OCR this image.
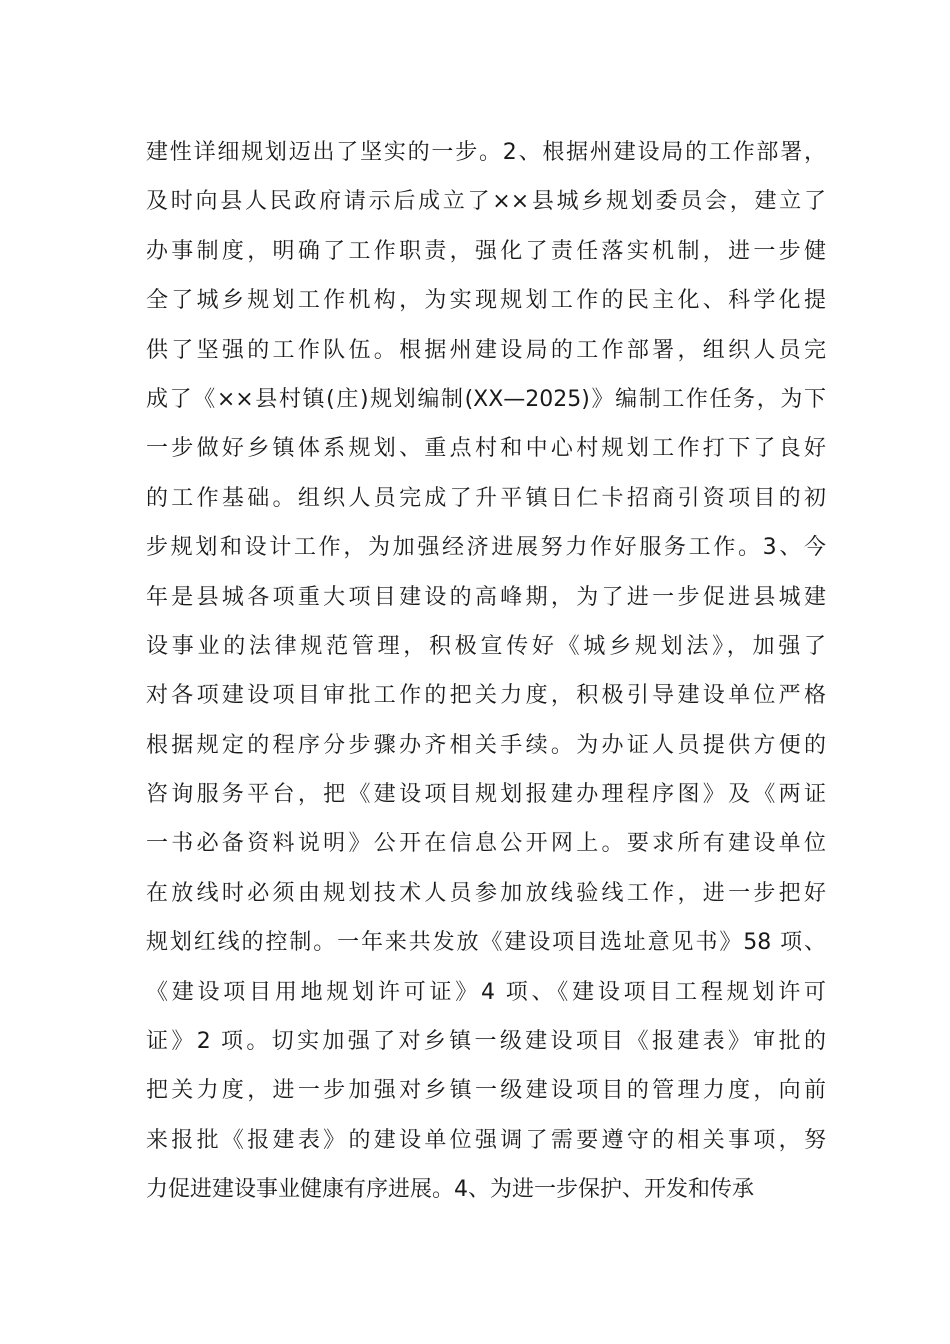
建性详细规划迈出了坚实的一步。2、根据州建设局的工作部署，
及时向县人民政府请示后成立了××县城乡规划委员会，建立了
办事制度，明确了工作职责，强化了责任落实机制，进一步健
全了城乡规划工作机构，为实现规划工作的民主化、科学化提
供了坚强的工作队伍。根据州建设局的工作部署，组织人员完
成了《××县村镇(庄)规划编制(XX—2025)》编制工作任务，为下
一步做好乡镇体系规划、重点村和中心村规划工作打下了良好
的工作基础。组织人员完成了升平镇日仁卡招商引资项目的初
步规划和设计工作，为加强经济进展努力作好服务工作。3、今
年是县城各项重大项目建设的高峰期，为了进一步促进县城建
设事业的法律规范管理，积极宣传好《城乡规划法》，加强了
对各项建设项目审批工作的把关力度，积极引导建设单位严格
根据规定的程序分步骤办齐相关手续。为办证人员提供方便的
咨询服务平台，把《建设项目规划报建办理程序图》及《两证
一书必备资料说明》公开在信息公开网上。要求所有建设单位
在放线时必须由规划技术人员参加放线验线工作，进一步把好
规划红线的控制。一年来共发放《建设项目选址意见书》58 项、
《建设项目用地规划许可证》4 项、《建设项目工程规划许可
证》2 项。切实加强了对乡镇一级建设项目《报建表》审批的
把关力度，进一步加强对乡镇一级建设项目的管理力度，向前
来报批《报建表》的建设单位强调了需要遵守的相关事项，努
力促进建设事业健康有序进展。4、为进一步保护、开发和传承
